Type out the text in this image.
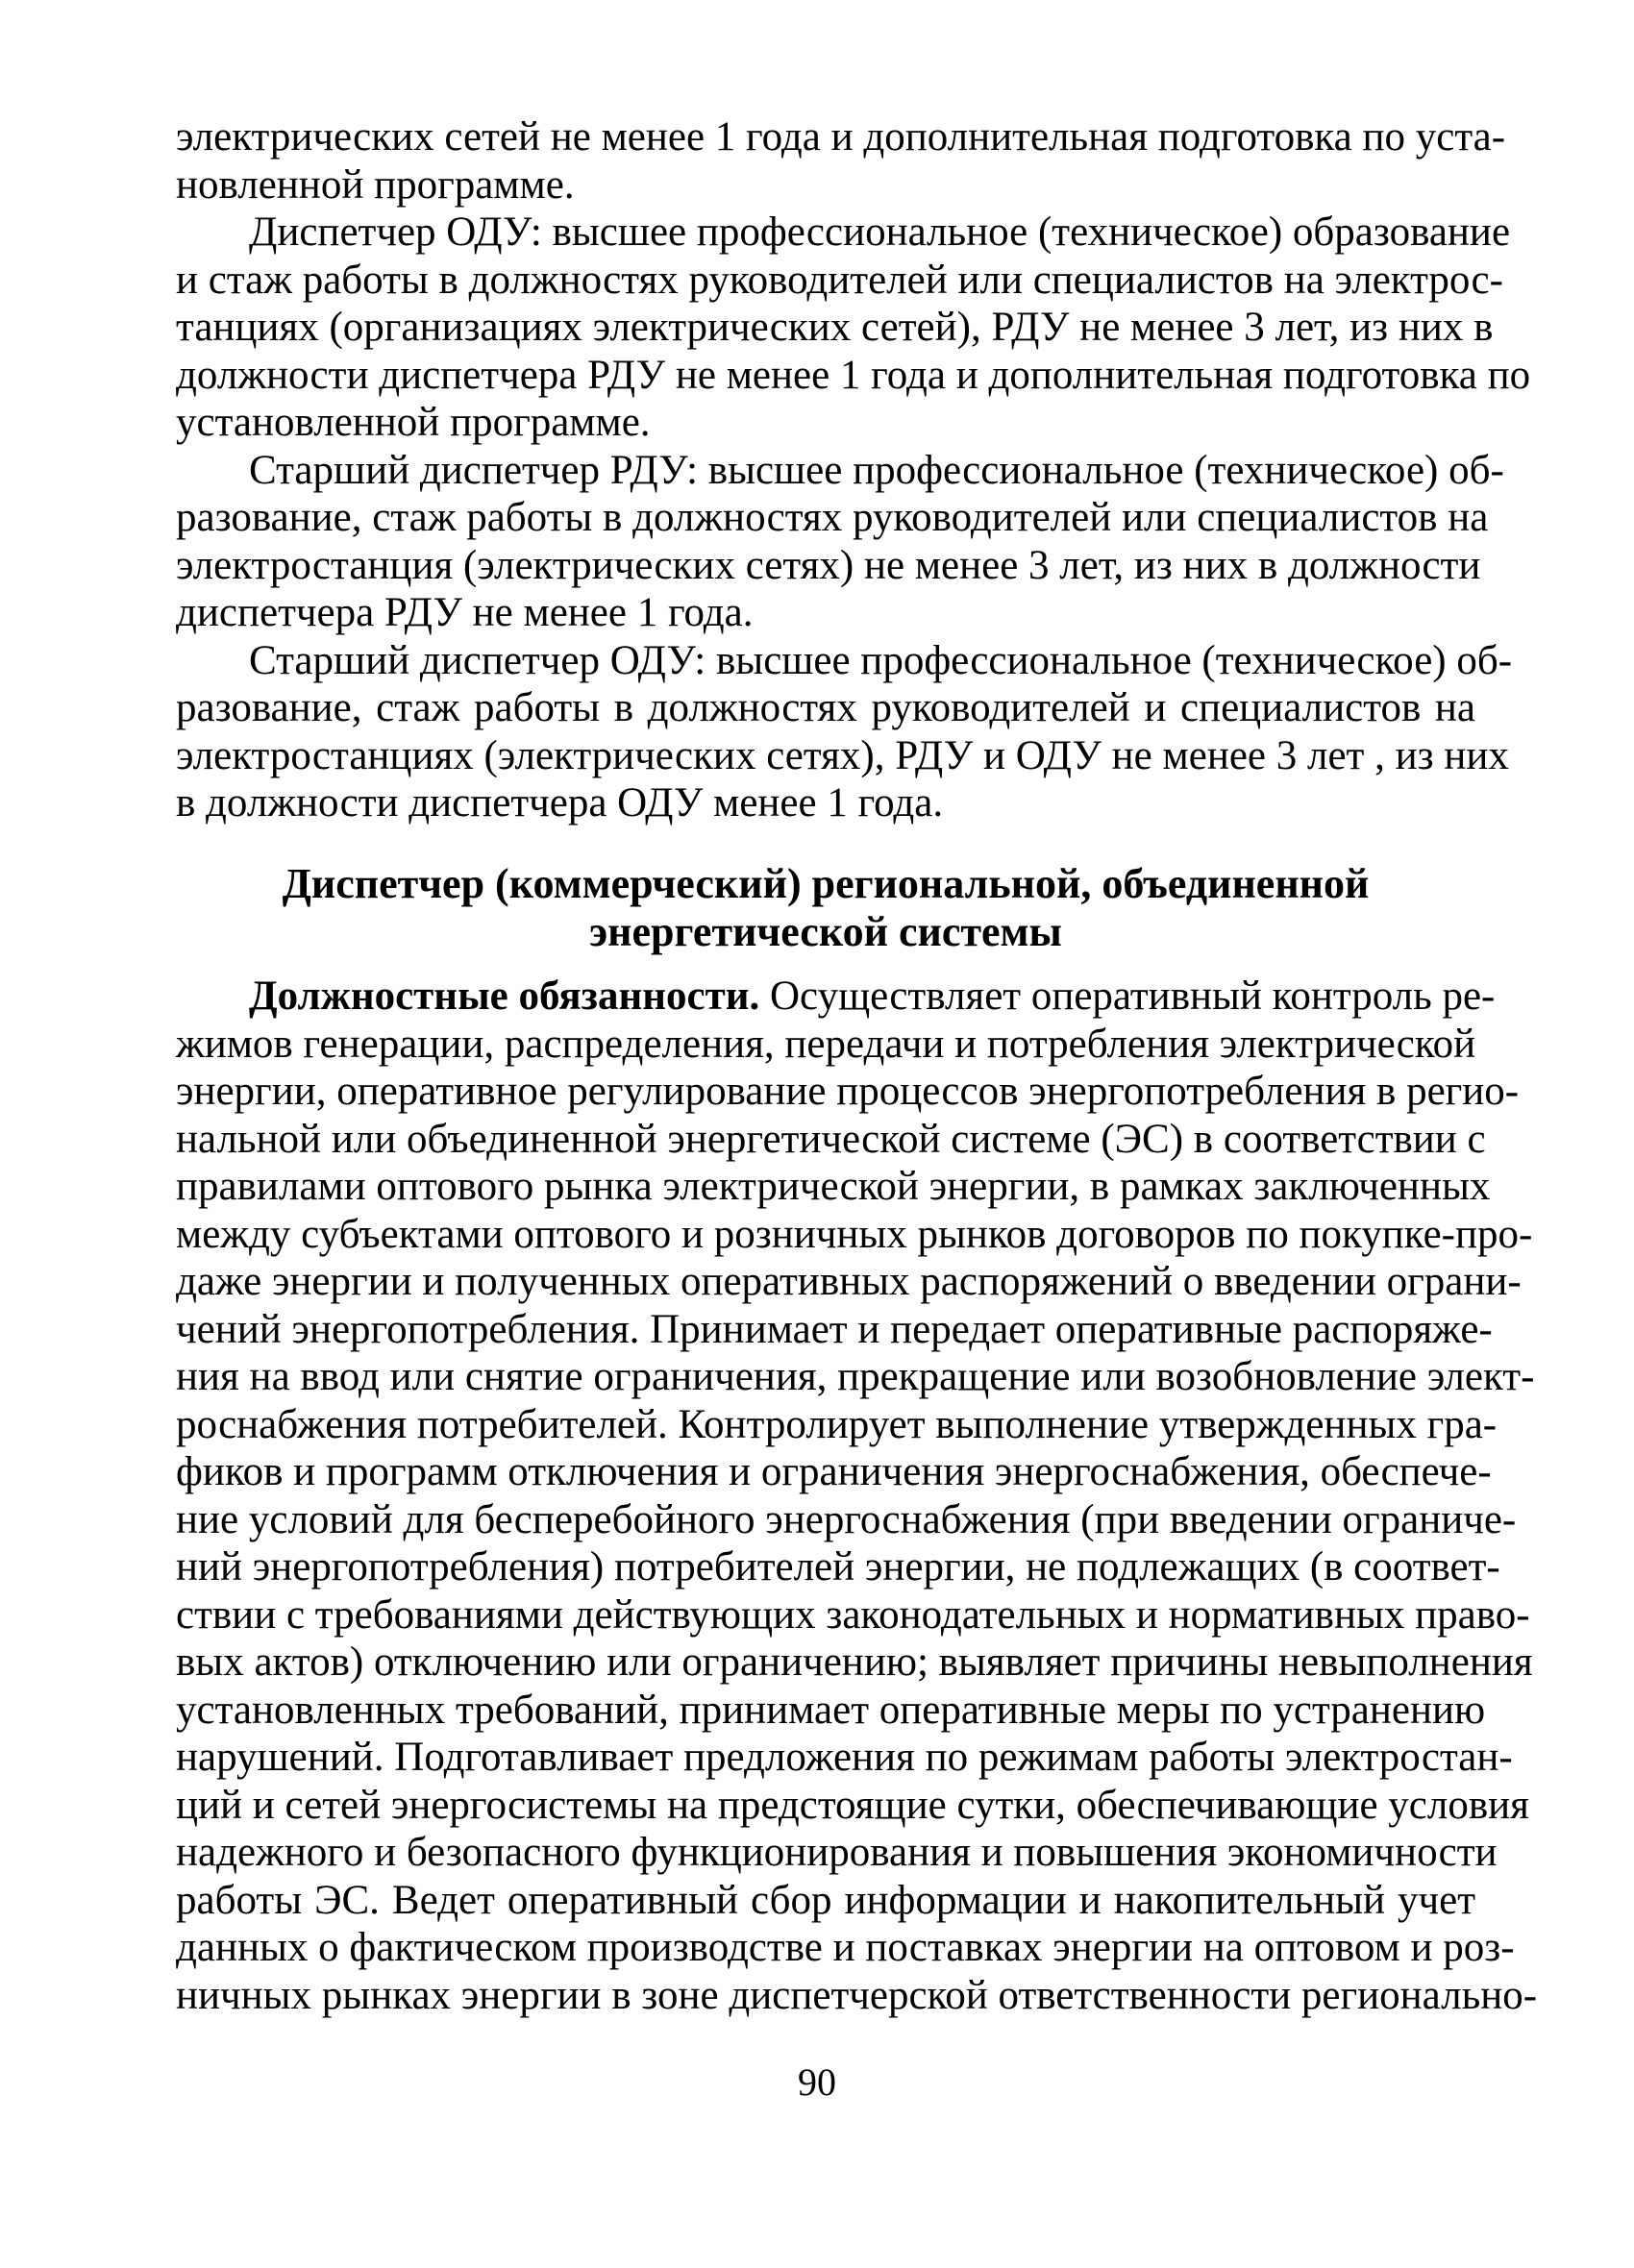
электрических сетей не менее 1 года и дополнительная подготовка по уста-
новленной программе.
Диспетчер ОДУ: высшее профессиональное (техническое) образование
и стаж работы в должностях руководителей или специалистов на электрос-
танциях (организациях электрических сетей), РДУ не менее 3 лет, из них в
должности диспетчера РДУ не менее 1 года и дополнительная подготовка по
установленной программе.
Старший диспетчер РДУ: высшее профессиональное (техническое) об-
разование, стаж работы в должностях руководителей или специалистов на
электростанция (электрических сетях) не менее 3 лет, из них в должности
диспетчера РДУ не менее 1 года.
Старший диспетчер ОДУ: высшее профессиональное (техническое) об-
разование, стаж работы в должностях руководителей и специалистов на
электростанциях (электрических сетях), РДУ и ОДУ не менее 3 лет , из них
в должности диспетчера ОДУ менее 1 года.
Диспетчер (коммерческий) региональной, объединенной
энергетической системы
Должностные обязанности. Осуществляет оперативный контроль ре-
жимов генерации, распределения, передачи и потребления электрической
энергии, оперативное регулирование процессов энергопотребления в регио-
нальной или объединенной энергетической системе (ЭС) в соответствии с
правилами оптового рынка электрической энергии, в рамках заключенных
между субъектами оптового и розничных рынков договоров по покупке-про-
даже энергии и полученных оперативных распоряжений о введении ограни-
чений энергопотребления. Принимает и передает оперативные распоряже-
ния на ввод или снятие ограничения, прекращение или возобновление элект-
роснабжения потребителей. Контролирует выполнение утвержденных гра-
фиков и программ отключения и ограничения энергоснабжения, обеспече-
ние условий для бесперебойного энергоснабжения (при введении ограниче-
ний энергопотребления) потребителей энергии, не подлежащих (в соответ-
ствии с требованиями действующих законодательных и нормативных право-
вых актов) отключению или ограничению; выявляет причины невыполнения
установленных требований, принимает оперативные меры по устранению
нарушений. Подготавливает предложения по режимам работы электростан-
ций и сетей энергосистемы на предстоящие сутки, обеспечивающие условия
надежного и безопасного функционирования и повышения экономичности
работы ЭС. Ведет оперативный сбор информации и накопительный учет
данных о фактическом производстве и поставках энергии на оптовом и роз-
ничных рынках энергии в зоне диспетчерской ответственности регионально-
90
